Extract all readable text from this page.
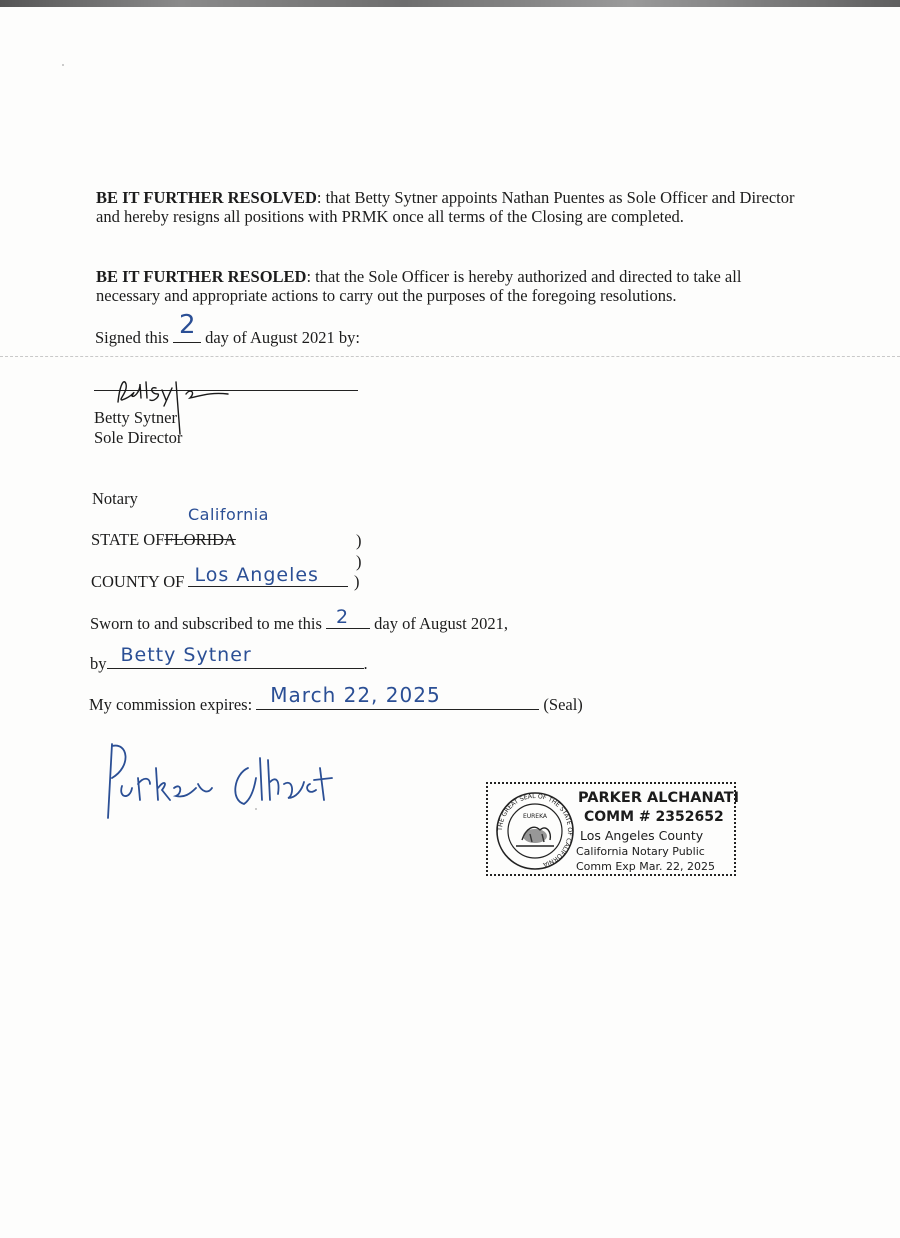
BE IT FURTHER RESOLVED: that Betty Sytner appoints Nathan Puentes as Sole Officer and Director and hereby resigns all positions with PRMK once all terms of the Closing are completed.
BE IT FURTHER RESOLED: that the Sole Officer is hereby authorized and directed to take all necessary and appropriate actions to carry out the purposes of the foregoing resolutions.
Signed this 2 day of August 2021 by:
Betty Sytner
Sole Director
Notary
California
STATE OFFLORIDA	)
)
COUNTY OF Los Angeles )
Sworn to and subscribed to me this 2 day of August 2021,
by Betty Sytner	.
My commission expires: March 22, 2025	(Seal)
THE GREAT SEAL OF THE STATE OF CALIFORNIA
EUREKA
PARKER ALCHANATI
COMM # 2352652
Los Angeles County
California Notary Public
Comm Exp Mar. 22, 2025
